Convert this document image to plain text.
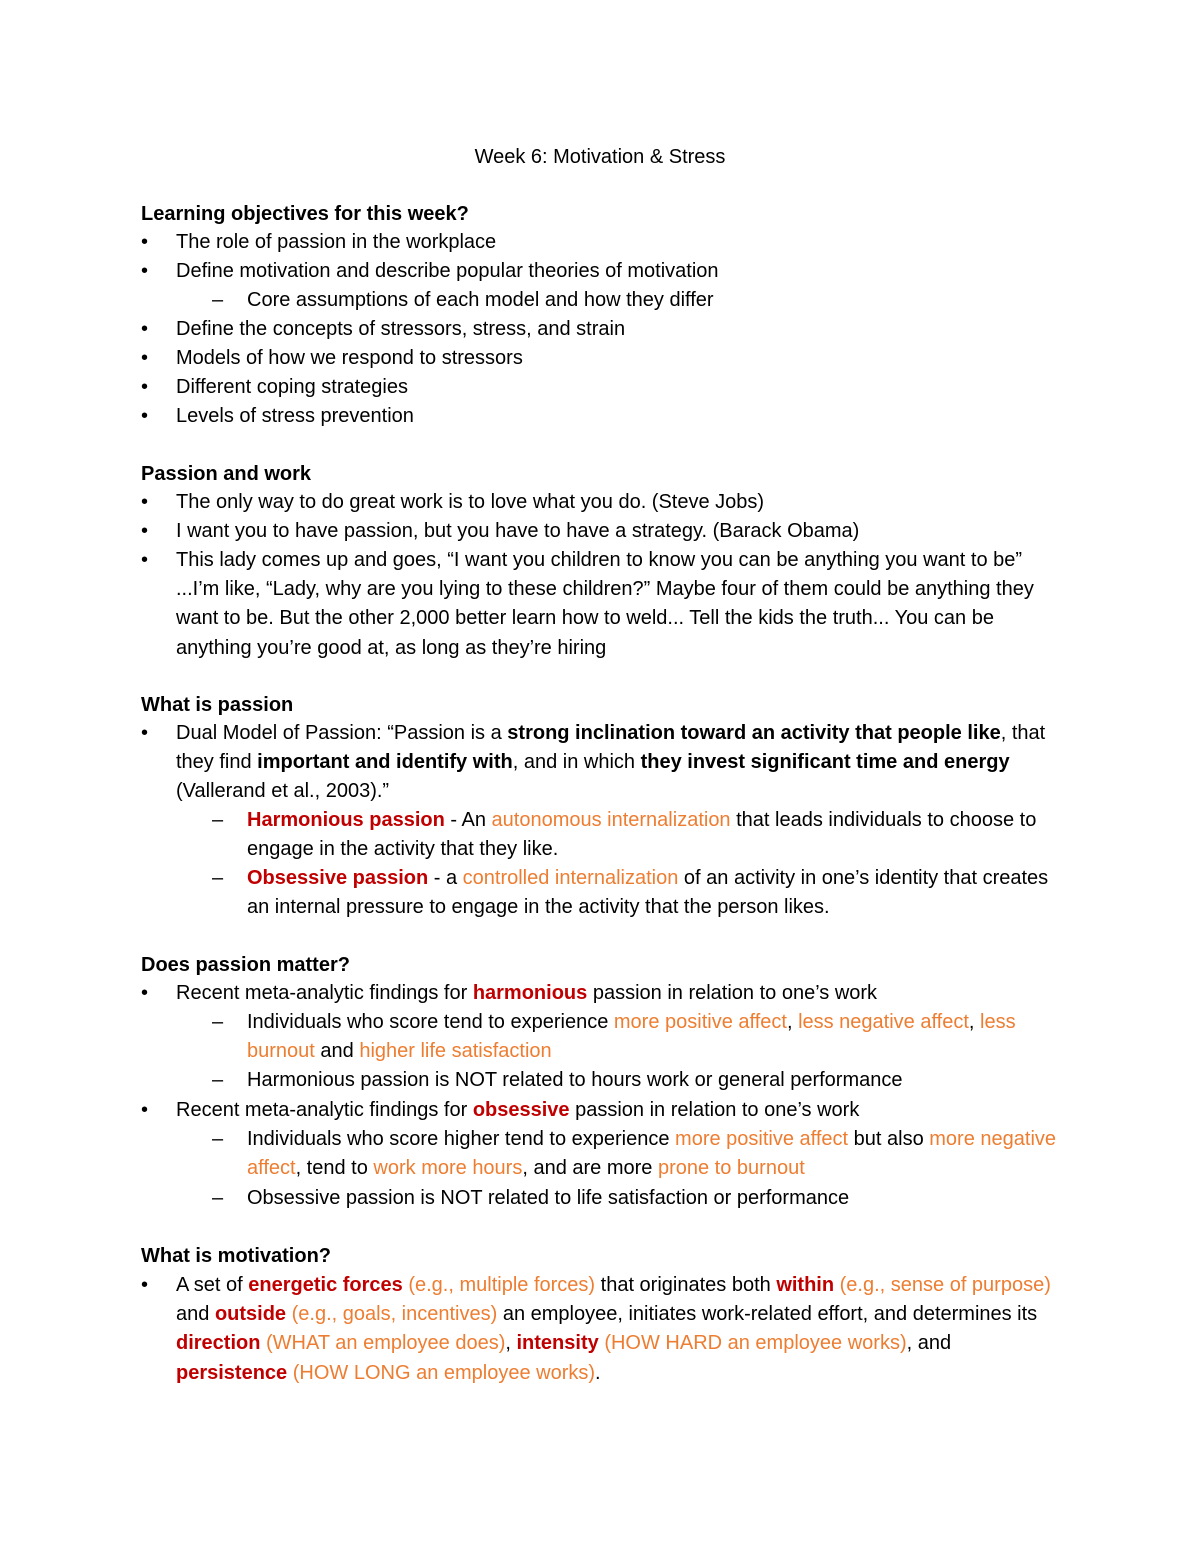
Week 6: Motivation & Stress
Learning objectives for this week?
•	The role of passion in the workplace
•	Define motivation and describe popular theories of motivation
–	Core assumptions of each model and how they differ
•	Define the concepts of stressors, stress, and strain
•	Models of how we respond to stressors
•	Different coping strategies
•	Levels of stress prevention
Passion and work
•	The only way to do great work is to love what you do. (Steve Jobs)
•	I want you to have passion, but you have to have a strategy. (Barack Obama)
•	This lady comes up and goes, “I want you children to know you can be anything you want to be” ...I’m like, “Lady, why are you lying to these children?” Maybe four of them could be anything they want to be. But the other 2,000 better learn how to weld... Tell the kids the truth... You can be anything you’re good at, as long as they’re hiring
What is passion
•	Dual Model of Passion: “Passion is a strong inclination toward an activity that people like, that they find important and identify with, and in which they invest significant time and energy (Vallerand et al., 2003).”
–	Harmonious passion - An autonomous internalization that leads individuals to choose to engage in the activity that they like.
–	Obsessive passion - a controlled internalization of an activity in one’s identity that creates an internal pressure to engage in the activity that the person likes.
Does passion matter?
•	Recent meta-analytic findings for harmonious passion in relation to one’s work
–	Individuals who score tend to experience more positive affect, less negative affect, less burnout and higher life satisfaction
–	Harmonious passion is NOT related to hours work or general performance
•	Recent meta-analytic findings for obsessive passion in relation to one’s work
–	Individuals who score higher tend to experience more positive affect but also more negative affect, tend to work more hours, and are more prone to burnout
–	Obsessive passion is NOT related to life satisfaction or performance
What is motivation?
•	A set of energetic forces (e.g., multiple forces) that originates both within (e.g., sense of purpose) and outside (e.g., goals, incentives) an employee, initiates work-related effort, and determines its direction (WHAT an employee does), intensity (HOW HARD an employee works), and persistence (HOW LONG an employee works).
